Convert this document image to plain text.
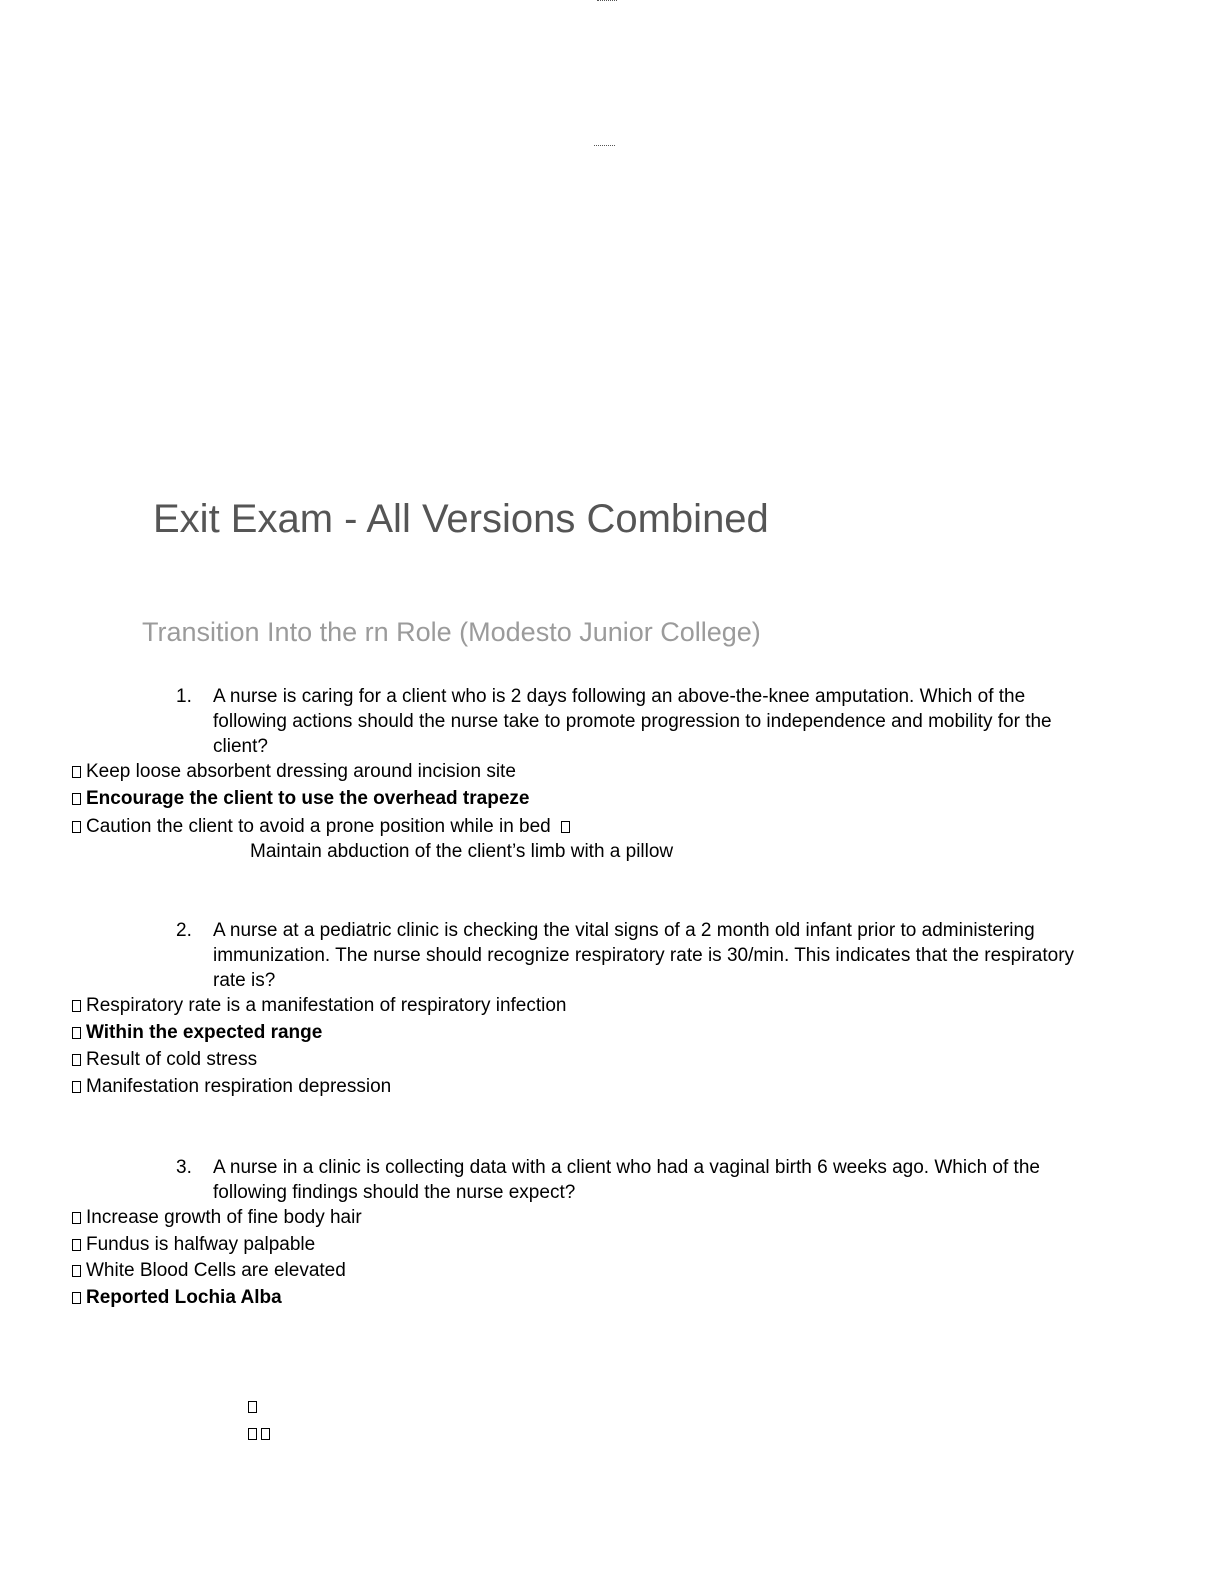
Exit Exam - All Versions Combined
Transition Into the rn Role (Modesto Junior College)
1. A nurse is caring for a client who is 2 days following an above-the-knee amputation. Which of the following actions should the nurse take to promote progression to independence and mobility for the client?
Keep loose absorbent dressing around incision site
Encourage the client to use the overhead trapeze
Caution the client to avoid a prone position while in bed
Maintain abduction of the client’s limb with a pillow
2. A nurse at a pediatric clinic is checking the vital signs of a 2 month old infant prior to administering immunization. The nurse should recognize respiratory rate is 30/min. This indicates that the respiratory rate is?
Respiratory rate is a manifestation of respiratory infection
Within the expected range
Result of cold stress
Manifestation respiration depression
3. A nurse in a clinic is collecting data with a client who had a vaginal birth 6 weeks ago. Which of the following findings should the nurse expect?
Increase growth of fine body hair
Fundus is halfway palpable
White Blood Cells are elevated
Reported Lochia Alba
